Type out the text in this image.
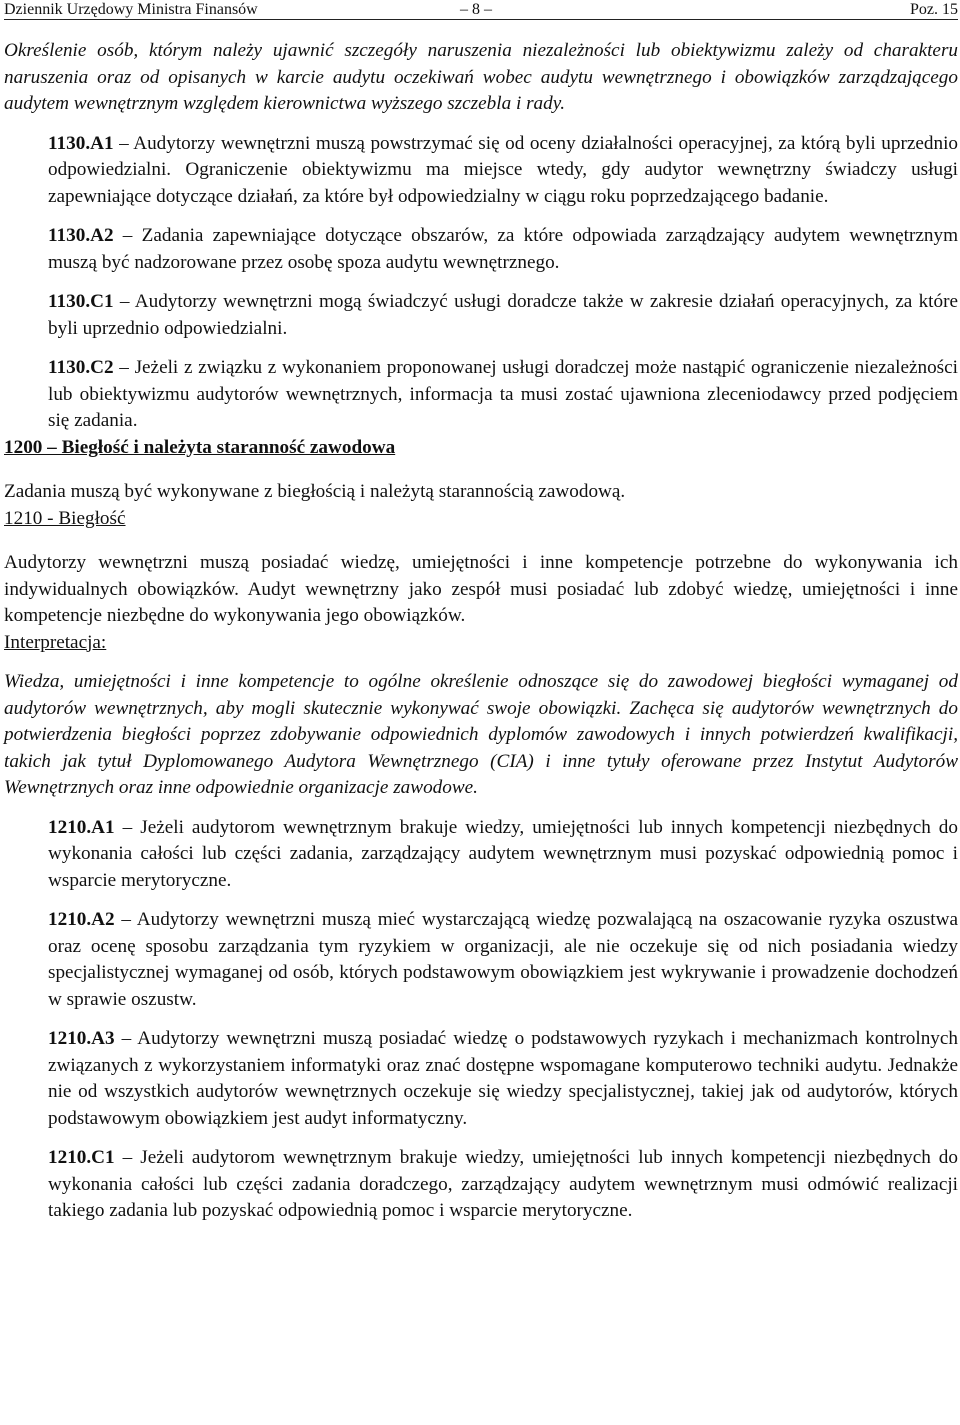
Dziennik Urzędowy Ministra Finansów	– 8 –	Poz. 15

Określenie osób, którym należy ujawnić szczegóły naruszenia niezależności lub obiektywizmu zależy od charakteru naruszenia oraz od opisanych w karcie audytu oczekiwań wobec audytu wewnętrznego i obowiązków zarządzającego audytem wewnętrznym względem kierownictwa wyższego szczebla i rady.

1130.A1 – Audytorzy wewnętrzni muszą powstrzymać się od oceny działalności operacyjnej, za którą byli uprzednio odpowiedzialni. Ograniczenie obiektywizmu ma miejsce wtedy, gdy audytor wewnętrzny świadczy usługi zapewniające dotyczące działań, za które był odpowiedzialny w ciągu roku poprzedzającego badanie.

1130.A2 – Zadania zapewniające dotyczące obszarów, za które odpowiada zarządzający audytem wewnętrznym muszą być nadzorowane przez osobę spoza audytu wewnętrznego.

1130.C1 – Audytorzy wewnętrzni mogą świadczyć usługi doradcze także w zakresie działań operacyjnych, za które byli uprzednio odpowiedzialni.

1130.C2 – Jeżeli z związku z wykonaniem proponowanej usługi doradczej może nastąpić ograniczenie niezależności lub obiektywizmu audytorów wewnętrznych, informacja ta musi zostać ujawniona zleceniodawcy przed podjęciem się zadania.

1200 – Biegłość i należyta staranność zawodowa

Zadania muszą być wykonywane z biegłością i należytą starannością zawodową.

1210 - Biegłość

Audytorzy wewnętrzni muszą posiadać wiedzę, umiejętności i inne kompetencje potrzebne do wykonywania ich indywidualnych obowiązków. Audyt wewnętrzny jako zespół musi posiadać lub zdobyć wiedzę, umiejętności i inne kompetencje niezbędne do wykonywania jego obowiązków.

Interpretacja:

Wiedza, umiejętności i inne kompetencje to ogólne określenie odnoszące się do zawodowej biegłości wymaganej od audytorów wewnętrznych, aby mogli skutecznie wykonywać swoje obowiązki. Zachęca się audytorów wewnętrznych do potwierdzenia biegłości poprzez zdobywanie odpowiednich dyplomów zawodowych i innych potwierdzeń kwalifikacji, takich jak tytuł Dyplomowanego Audytora Wewnętrznego (CIA) i inne tytuły oferowane przez Instytut Audytorów Wewnętrznych oraz inne odpowiednie organizacje zawodowe.

1210.A1 – Jeżeli audytorom wewnętrznym brakuje wiedzy, umiejętności lub innych kompetencji niezbędnych do wykonania całości lub części zadania, zarządzający audytem wewnętrznym musi pozyskać odpowiednią pomoc i wsparcie merytoryczne.

1210.A2 – Audytorzy wewnętrzni muszą mieć wystarczającą wiedzę pozwalającą na oszacowanie ryzyka oszustwa oraz ocenę sposobu zarządzania tym ryzykiem w organizacji, ale nie oczekuje się od nich posiadania wiedzy specjalistycznej wymaganej od osób, których podstawowym obowiązkiem jest wykrywanie i prowadzenie dochodzeń w sprawie oszustw.

1210.A3 – Audytorzy wewnętrzni muszą posiadać wiedzę o podstawowych ryzykach i mechanizmach kontrolnych związanych z wykorzystaniem informatyki oraz znać dostępne wspomagane komputerowo techniki audytu. Jednakże nie od wszystkich audytorów wewnętrznych oczekuje się wiedzy specjalistycznej, takiej jak od audytorów, których podstawowym obowiązkiem jest audyt informatyczny.

1210.C1 – Jeżeli audytorom wewnętrznym brakuje wiedzy, umiejętności lub innych kompetencji niezbędnych do wykonania całości lub części zadania doradczego, zarządzający audytem wewnętrznym musi odmówić realizacji takiego zadania lub pozyskać odpowiednią pomoc i wsparcie merytoryczne.
